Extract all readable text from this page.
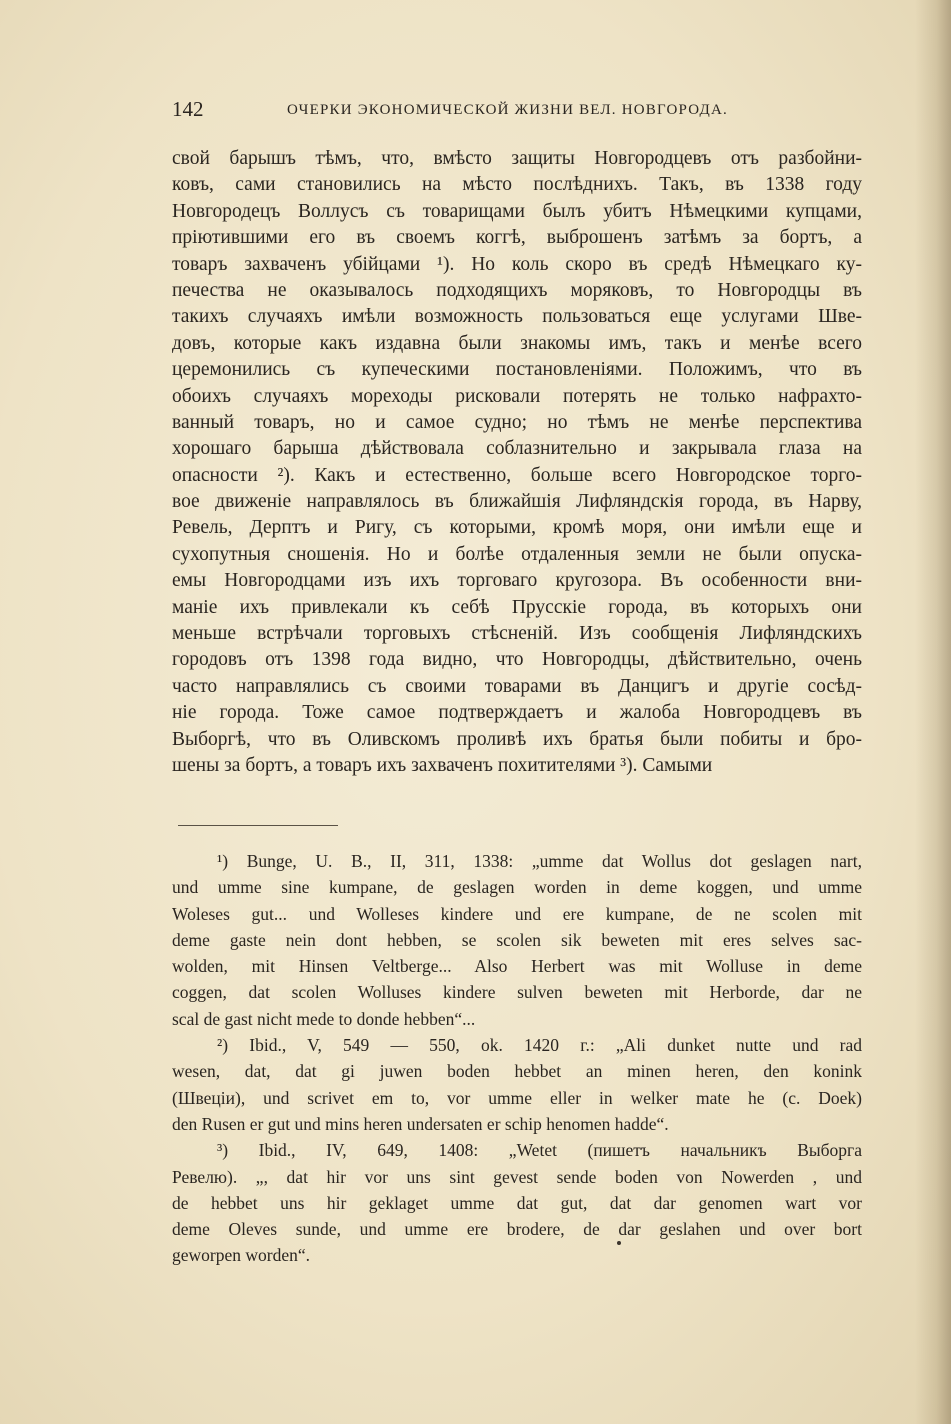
142	ОЧЕРКИ ЭКОНОМИЧЕСКОЙ ЖИЗНИ ВЕЛ. НОВГОРОДА.
свой барышъ тѣмъ, что, вмѣсто защиты Новгородцевъ отъ разбойни-
ковъ, сами становились на мѣсто послѣднихъ. Такъ, въ 1338 году
Новгородецъ Воллусъ съ товарищами былъ убитъ Нѣмецкими купцами,
пріютившими его въ своемъ коггѣ, выброшенъ затѣмъ за бортъ, а
товаръ захваченъ убійцами ¹). Но коль скоро въ средѣ Нѣмецкаго ку-
печества не оказывалось подходящихъ моряковъ, то Новгородцы въ
такихъ случаяхъ имѣли возможность пользоваться еще услугами Шве-
довъ, которые какъ издавна были знакомы имъ, такъ и менѣе всего
церемонились съ купеческими постановленіями. Положимъ, что въ
обоихъ случаяхъ мореходы рисковали потерять не только нафрахто-
ванный товаръ, но и самое судно; но тѣмъ не менѣе перспектива
хорошаго барыша дѣйствовала соблазнительно и закрывала глаза на
опасности ²). Какъ и естественно, больше всего Новгородское торго-
вое движеніе направлялось въ ближайшія Лифляндскія города, въ Нарву,
Ревель, Дерптъ и Ригу, съ которыми, кромѣ моря, они имѣли еще и
сухопутныя сношенія. Но и болѣе отдаленныя земли не были опуска-
емы Новгородцами изъ ихъ торговаго кругозора. Въ особенности вни-
маніе ихъ привлекали къ себѣ Прусскіе города, въ которыхъ они
меньше встрѣчали торговыхъ стѣсненій. Изъ сообщенія Лифляндскихъ
городовъ отъ 1398 года видно, что Новгородцы, дѣйствительно, очень
часто направлялись съ своими товарами въ Данцигъ и другіе сосѣд-
ніе города. Тоже самое подтверждаетъ и жалоба Новгородцевъ въ
Выборгѣ, что въ Оливскомъ проливѣ ихъ братья были побиты и бро-
шены за бортъ, а товаръ ихъ захваченъ похитителями ³). Самыми
¹) Bunge, U. B., II, 311, 1338: „umme dat Wollus dot geslagen nart,
und umme sine kumpane, de geslagen worden in deme koggen, und umme
Woleses gut... und Wolleses kindere und ere kumpane, de ne scolen mit
deme gaste nein dont hebben, se scolen sik beweten mit eres selves sac-
wolden, mit Hinsen Veltberge... Also Herbert was mit Wolluse in deme
coggen, dat scolen Wolluses kindere sulven beweten mit Herborde, dar ne
scal de gast nicht mede to donde hebben“...
²) Ibid., V, 549 — 550, ok. 1420 г.: „Ali dunket nutte und rad
wesen, dat, dat gi juwen boden hebbet an minen heren, den konink
(Швеціи), und scrivet em to, vor umme eller in welker mate he (c. Doek)
den Rusen er gut und mins heren undersaten er schip henomen hadde“.
³) Ibid., IV, 649, 1408: „Wetet (пишетъ начальникъ Выборга
Ревелю). „, dat hir vor uns sint gevest sende boden von Nowerden , und
de hebbet uns hir geklaget umme dat gut, dat dar genomen wart vor
deme Oleves sunde, und umme ere brodere, de dar geslahen und over bort
geworpen worden“.
